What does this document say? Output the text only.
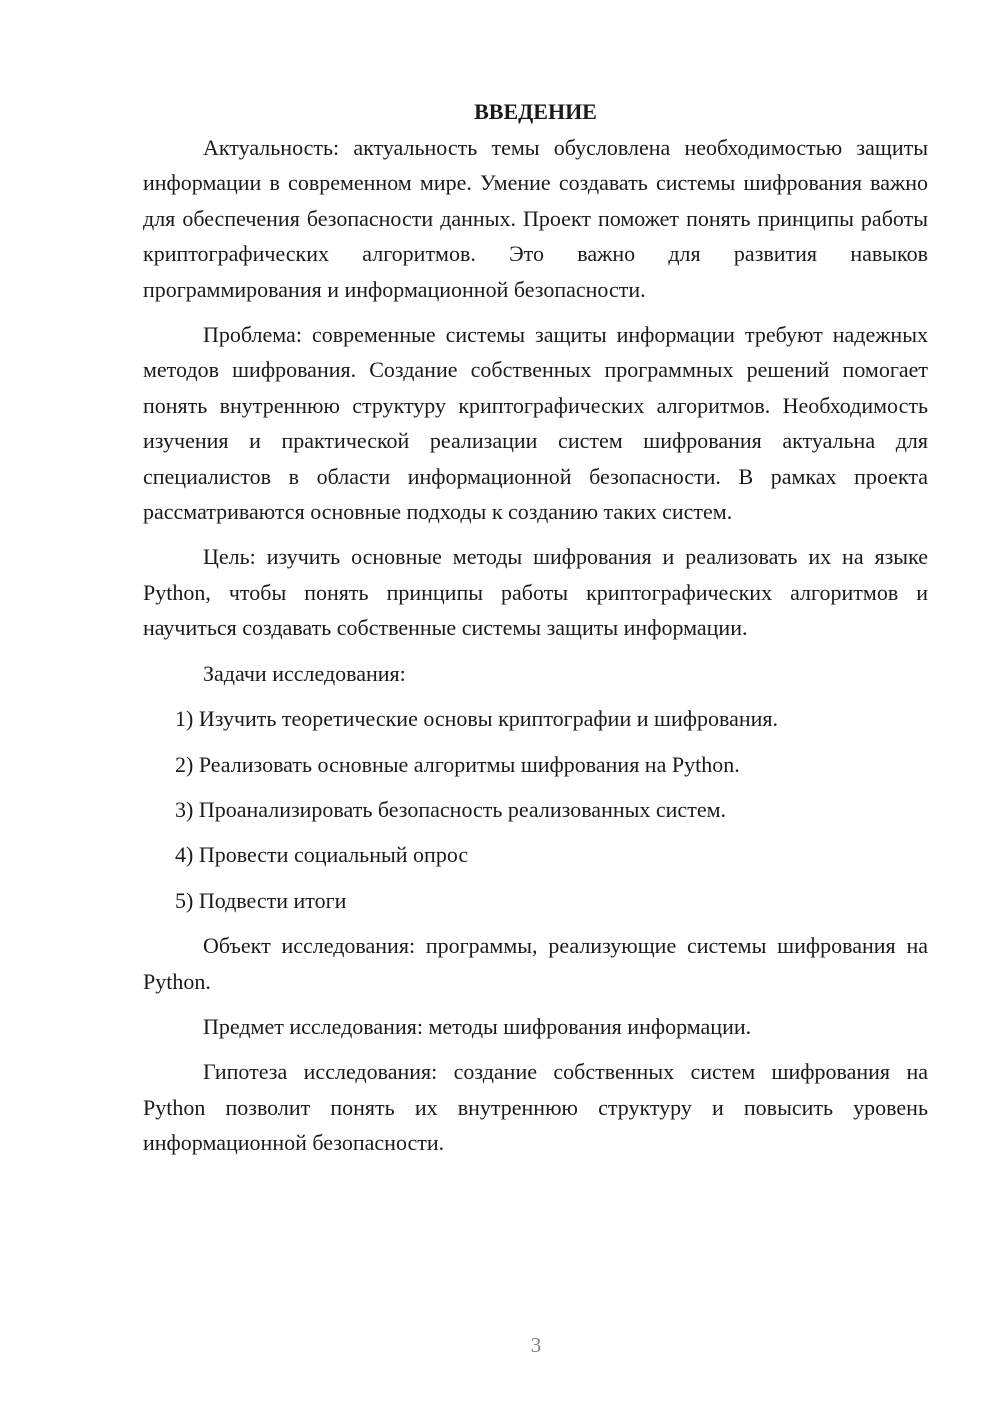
ВВЕДЕНИЕ

Актуальность: актуальность темы обусловлена необходимостью защиты информации в современном мире. Умение создавать системы шифрования важно для обеспечения безопасности данных. Проект поможет понять принципы работы криптографических алгоритмов. Это важно для развития навыков программирования и информационной безопасности.

Проблема: современные системы защиты информации требуют надежных методов шифрования. Создание собственных программных решений помогает понять внутреннюю структуру криптографических алгоритмов. Необходимость изучения и практической реализации систем шифрования актуальна для специалистов в области информационной безопасности. В рамках проекта рассматриваются основные подходы к созданию таких систем.

Цель: изучить основные методы шифрования и реализовать их на языке Python, чтобы понять принципы работы криптографических алгоритмов и научиться создавать собственные системы защиты информации.

Задачи исследования:

1) Изучить теоретические основы криптографии и шифрования.

2) Реализовать основные алгоритмы шифрования на Python.

3) Проанализировать безопасность реализованных систем.

4) Провести социальный опрос

5) Подвести итоги

Объект исследования: программы, реализующие системы шифрования на Python.

Предмет исследования: методы шифрования информации.

Гипотеза исследования: создание собственных систем шифрования на Python позволит понять их внутреннюю структуру и повысить уровень информационной безопасности.

3
